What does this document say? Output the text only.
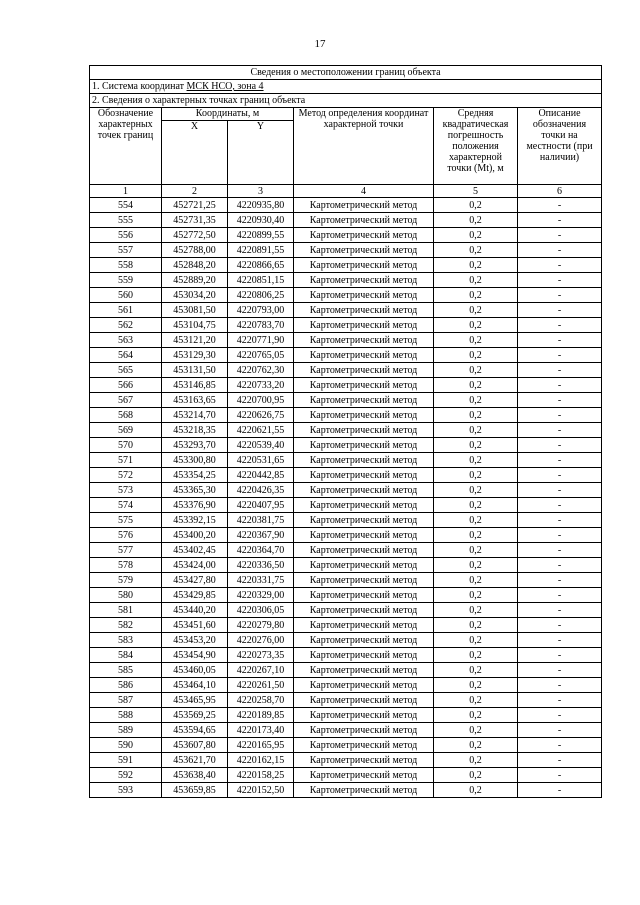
17
Сведения о местоположении границ объекта					
1. Система координат МСК НСО, зона 4					
2. Сведения о характерных точках границ объекта					
Обозначение характерных точек границ	Координаты, м		Метод определения координат характерной точки	Средняя квадратическая погрешность положения характерной точки (Mt), м	Описание обозначения точки на местности (при наличии)
	X	Y			
1	2	3	4	5	6
554	452721,25	4220935,80	Картометрический метод	0,2	-
555	452731,35	4220930,40	Картометрический метод	0,2	-
556	452772,50	4220899,55	Картометрический метод	0,2	-
557	452788,00	4220891,55	Картометрический метод	0,2	-
558	452848,20	4220866,65	Картометрический метод	0,2	-
559	452889,20	4220851,15	Картометрический метод	0,2	-
560	453034,20	4220806,25	Картометрический метод	0,2	-
561	453081,50	4220793,00	Картометрический метод	0,2	-
562	453104,75	4220783,70	Картометрический метод	0,2	-
563	453121,20	4220771,90	Картометрический метод	0,2	-
564	453129,30	4220765,05	Картометрический метод	0,2	-
565	453131,50	4220762,30	Картометрический метод	0,2	-
566	453146,85	4220733,20	Картометрический метод	0,2	-
567	453163,65	4220700,95	Картометрический метод	0,2	-
568	453214,70	4220626,75	Картометрический метод	0,2	-
569	453218,35	4220621,55	Картометрический метод	0,2	-
570	453293,70	4220539,40	Картометрический метод	0,2	-
571	453300,80	4220531,65	Картометрический метод	0,2	-
572	453354,25	4220442,85	Картометрический метод	0,2	-
573	453365,30	4220426,35	Картометрический метод	0,2	-
574	453376,90	4220407,95	Картометрический метод	0,2	-
575	453392,15	4220381,75	Картометрический метод	0,2	-
576	453400,20	4220367,90	Картометрический метод	0,2	-
577	453402,45	4220364,70	Картометрический метод	0,2	-
578	453424,00	4220336,50	Картометрический метод	0,2	-
579	453427,80	4220331,75	Картометрический метод	0,2	-
580	453429,85	4220329,00	Картометрический метод	0,2	-
581	453440,20	4220306,05	Картометрический метод	0,2	-
582	453451,60	4220279,80	Картометрический метод	0,2	-
583	453453,20	4220276,00	Картометрический метод	0,2	-
584	453454,90	4220273,35	Картометрический метод	0,2	-
585	453460,05	4220267,10	Картометрический метод	0,2	-
586	453464,10	4220261,50	Картометрический метод	0,2	-
587	453465,95	4220258,70	Картометрический метод	0,2	-
588	453569,25	4220189,85	Картометрический метод	0,2	-
589	453594,65	4220173,40	Картометрический метод	0,2	-
590	453607,80	4220165,95	Картометрический метод	0,2	-
591	453621,70	4220162,15	Картометрический метод	0,2	-
592	453638,40	4220158,25	Картометрический метод	0,2	-
593	453659,85	4220152,50	Картометрический метод	0,2	-
